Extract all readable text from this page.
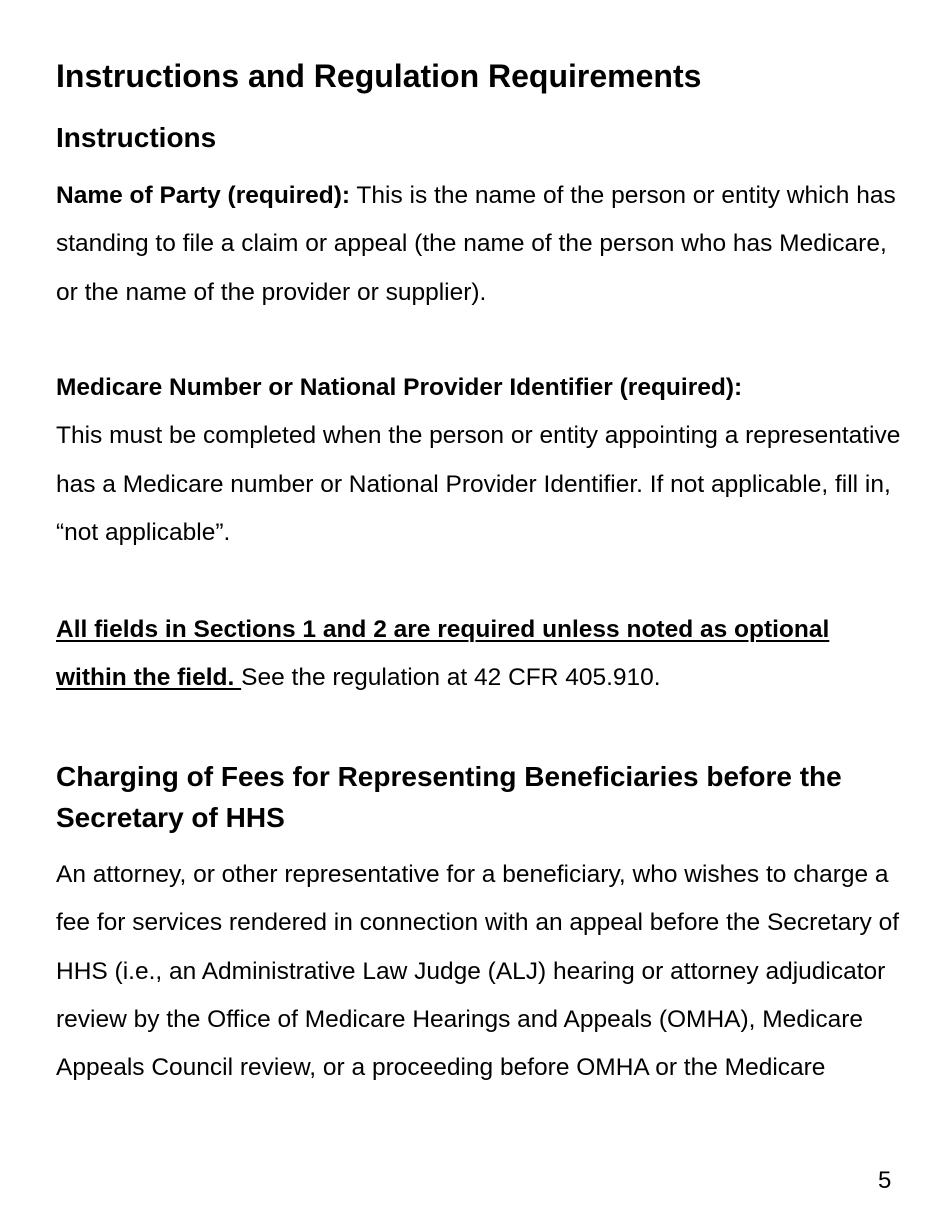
Instructions and Regulation Requirements
Instructions

Name of Party (required): This is the name of the person or entity which has standing to file a claim or appeal (the name of the person who has Medicare, or the name of the provider or supplier).

Medicare Number or National Provider Identifier (required):
This must be completed when the person or entity appointing a representative has a Medicare number or National Provider Identifier. If not applicable, fill in, “not applicable”.

All fields in Sections 1 and 2 are required unless noted as optional within the field. See the regulation at 42 CFR 405.910.

Charging of Fees for Representing Beneficiaries before the Secretary of HHS

An attorney, or other representative for a beneficiary, who wishes to charge a fee for services rendered in connection with an appeal before the Secretary of HHS (i.e., an Administrative Law Judge (ALJ) hearing or attorney adjudicator review by the Office of Medicare Hearings and Appeals (OMHA), Medicare Appeals Council review, or a proceeding before OMHA or the Medicare

5
